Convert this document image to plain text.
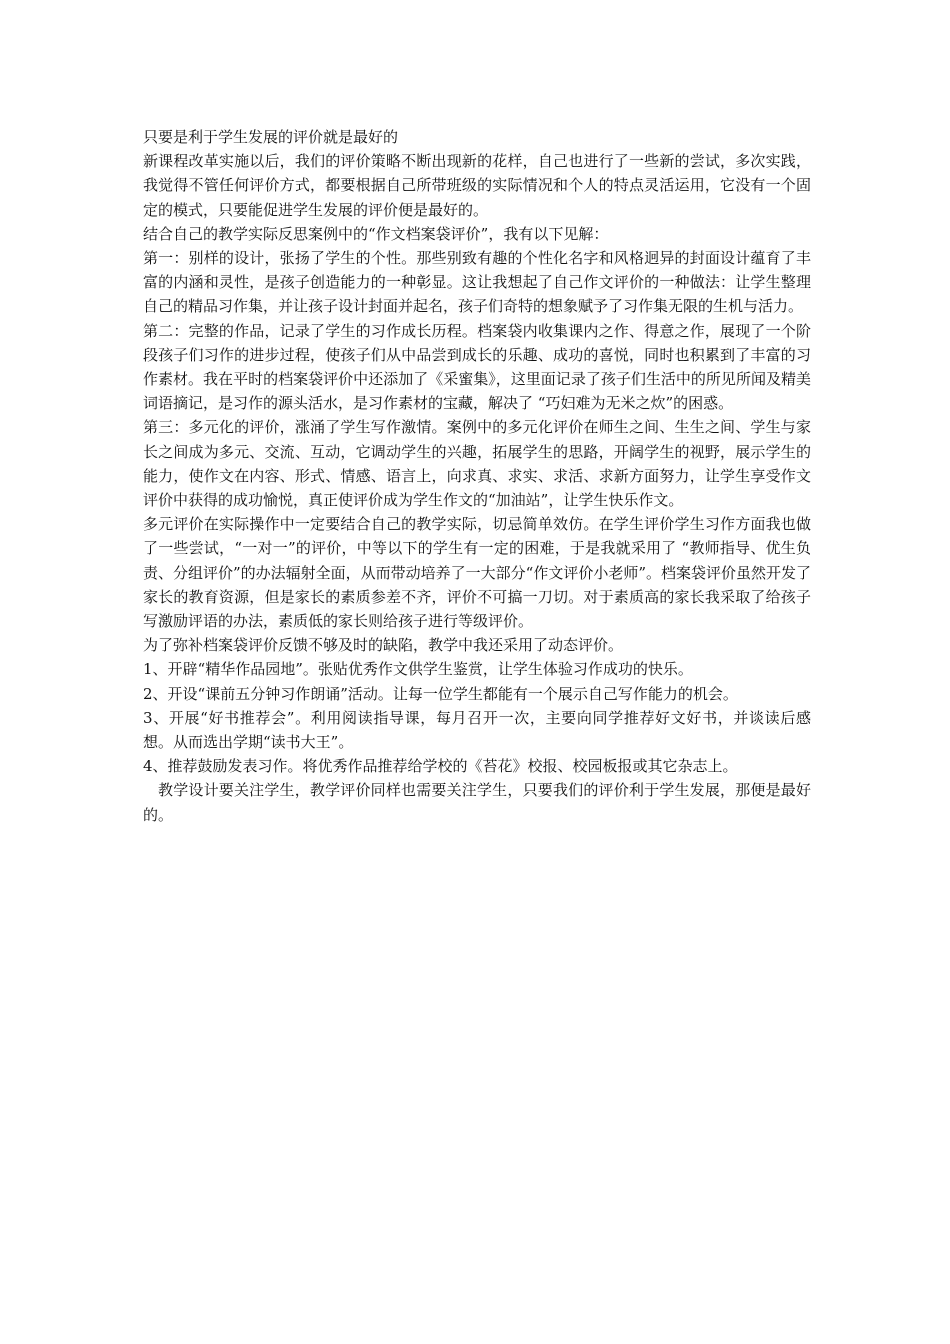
只要是利于学生发展的评价就是最好的

新课程改革实施以后，我们的评价策略不断出现新的花样，自己也进行了一些新的尝试，多次实践，我觉得不管任何评价方式，都要根据自己所带班级的实际情况和个人的特点灵活运用，它没有一个固定的模式，只要能促进学生发展的评价便是最好的。

结合自己的教学实际反思案例中的“作文档案袋评价”，我有以下见解：

第一：别样的设计，张扬了学生的个性。那些别致有趣的个性化名字和风格迥异的封面设计蕴育了丰富的内涵和灵性，是孩子创造能力的一种彰显。这让我想起了自己作文评价的一种做法：让学生整理自己的精品习作集，并让孩子设计封面并起名，孩子们奇特的想象赋予了习作集无限的生机与活力。

第二：完整的作品，记录了学生的习作成长历程。档案袋内收集课内之作、得意之作，展现了一个阶段孩子们习作的进步过程，使孩子们从中品尝到成长的乐趣、成功的喜悦，同时也积累到了丰富的习作素材。我在平时的档案袋评价中还添加了《采蜜集》，这里面记录了孩子们生活中的所见所闻及精美词语摘记，是习作的源头活水，是习作素材的宝藏，解决了 “巧妇难为无米之炊”的困惑。

第三：多元化的评价，涨涌了学生写作激情。案例中的多元化评价在师生之间、生生之间、学生与家长之间成为多元、交流、互动，它调动学生的兴趣，拓展学生的思路，开阔学生的视野，展示学生的能力，使作文在内容、形式、情感、语言上，向求真、求实、求活、求新方面努力，让学生享受作文评价中获得的成功愉悦，真正使评价成为学生作文的“加油站”，让学生快乐作文。

多元评价在实际操作中一定要结合自己的教学实际，切忌简单效仿。在学生评价学生习作方面我也做了一些尝试，“一对一”的评价，中等以下的学生有一定的困难，于是我就采用了 “教师指导、优生负责、分组评价”的办法辐射全面，从而带动培养了一大部分“作文评价小老师”。档案袋评价虽然开发了家长的教育资源，但是家长的素质参差不齐，评价不可搞一刀切。对于素质高的家长我采取了给孩子写激励评语的办法，素质低的家长则给孩子进行等级评价。

为了弥补档案袋评价反馈不够及时的缺陷，教学中我还采用了动态评价。

1、开辟“精华作品园地”。张贴优秀作文供学生鉴赏，让学生体验习作成功的快乐。

2、开设“课前五分钟习作朗诵”活动。让每一位学生都能有一个展示自己写作能力的机会。

3、开展“好书推荐会”。利用阅读指导课，每月召开一次，主要向同学推荐好文好书，并谈读后感想。从而选出学期“读书大王”。

4、推荐鼓励发表习作。将优秀作品推荐给学校的《苔花》校报、校园板报或其它杂志上。

教学设计要关注学生，教学评价同样也需要关注学生，只要我们的评价利于学生发展，那便是最好的。
